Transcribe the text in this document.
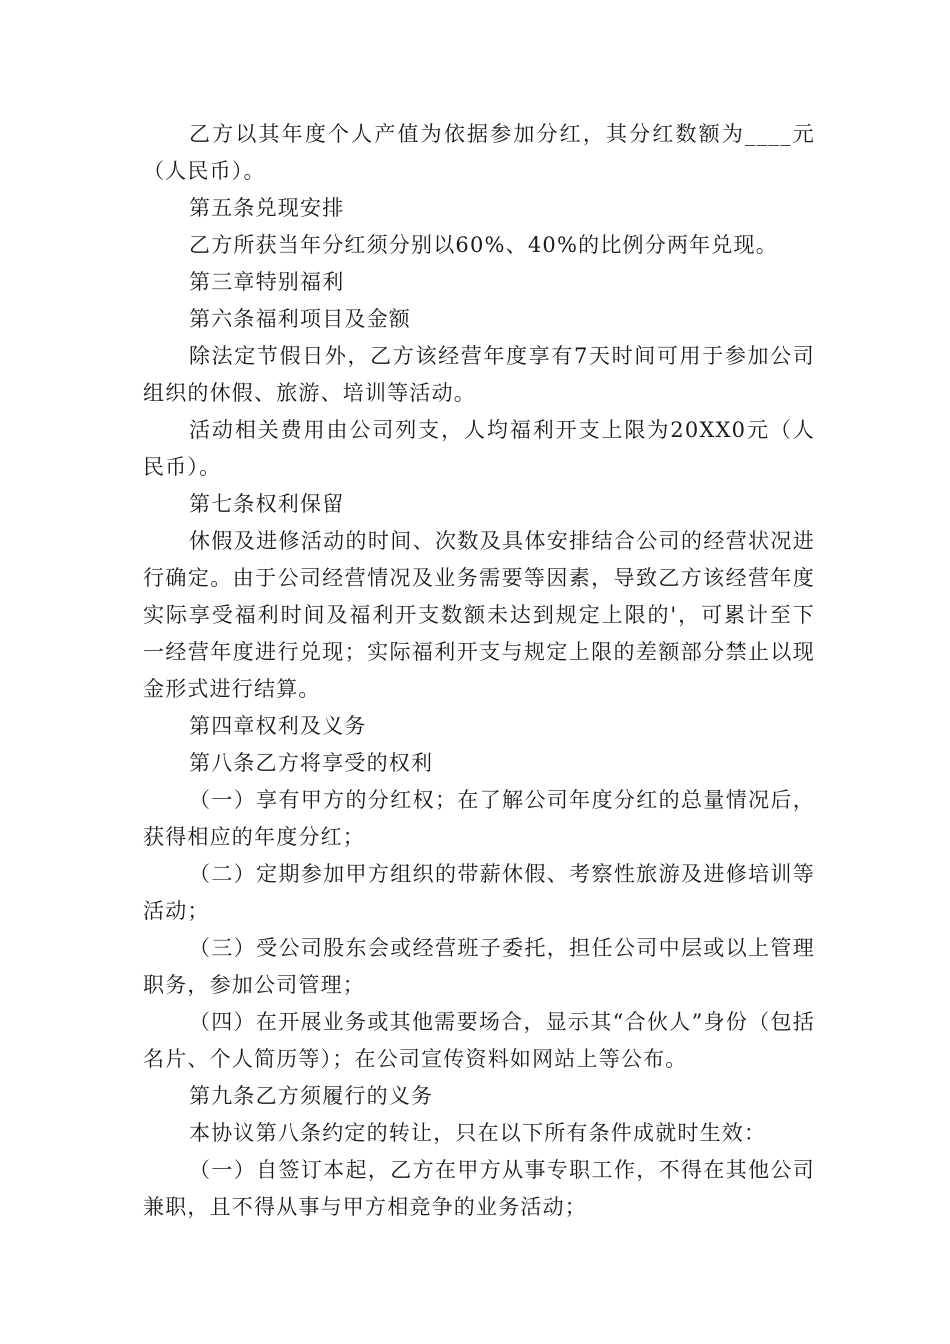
乙方以其年度个人产值为依据参加分红，其分红数额为____元（人民币）。

第五条兑现安排

乙方所获当年分红须分别以60%、40%的比例分两年兑现。

第三章特别福利

第六条福利项目及金额

除法定节假日外，乙方该经营年度享有7天时间可用于参加公司组织的休假、旅游、培训等活动。

活动相关费用由公司列支，人均福利开支上限为20XX0元（人民币）。

第七条权利保留

休假及进修活动的时间、次数及具体安排结合公司的经营状况进行确定。由于公司经营情况及业务需要等因素，导致乙方该经营年度实际享受福利时间及福利开支数额未达到规定上限的'，可累计至下一经营年度进行兑现；实际福利开支与规定上限的差额部分禁止以现金形式进行结算。

第四章权利及义务

第八条乙方将享受的权利

（一）享有甲方的分红权；在了解公司年度分红的总量情况后，获得相应的年度分红；

（二）定期参加甲方组织的带薪休假、考察性旅游及进修培训等活动；

（三）受公司股东会或经营班子委托，担任公司中层或以上管理职务，参加公司管理；

（四）在开展业务或其他需要场合，显示其“合伙人”身份（包括名片、个人简历等）；在公司宣传资料如网站上等公布。

第九条乙方须履行的义务

本协议第八条约定的转让，只在以下所有条件成就时生效：

（一）自签订本起，乙方在甲方从事专职工作，不得在其他公司兼职，且不得从事与甲方相竞争的业务活动；
